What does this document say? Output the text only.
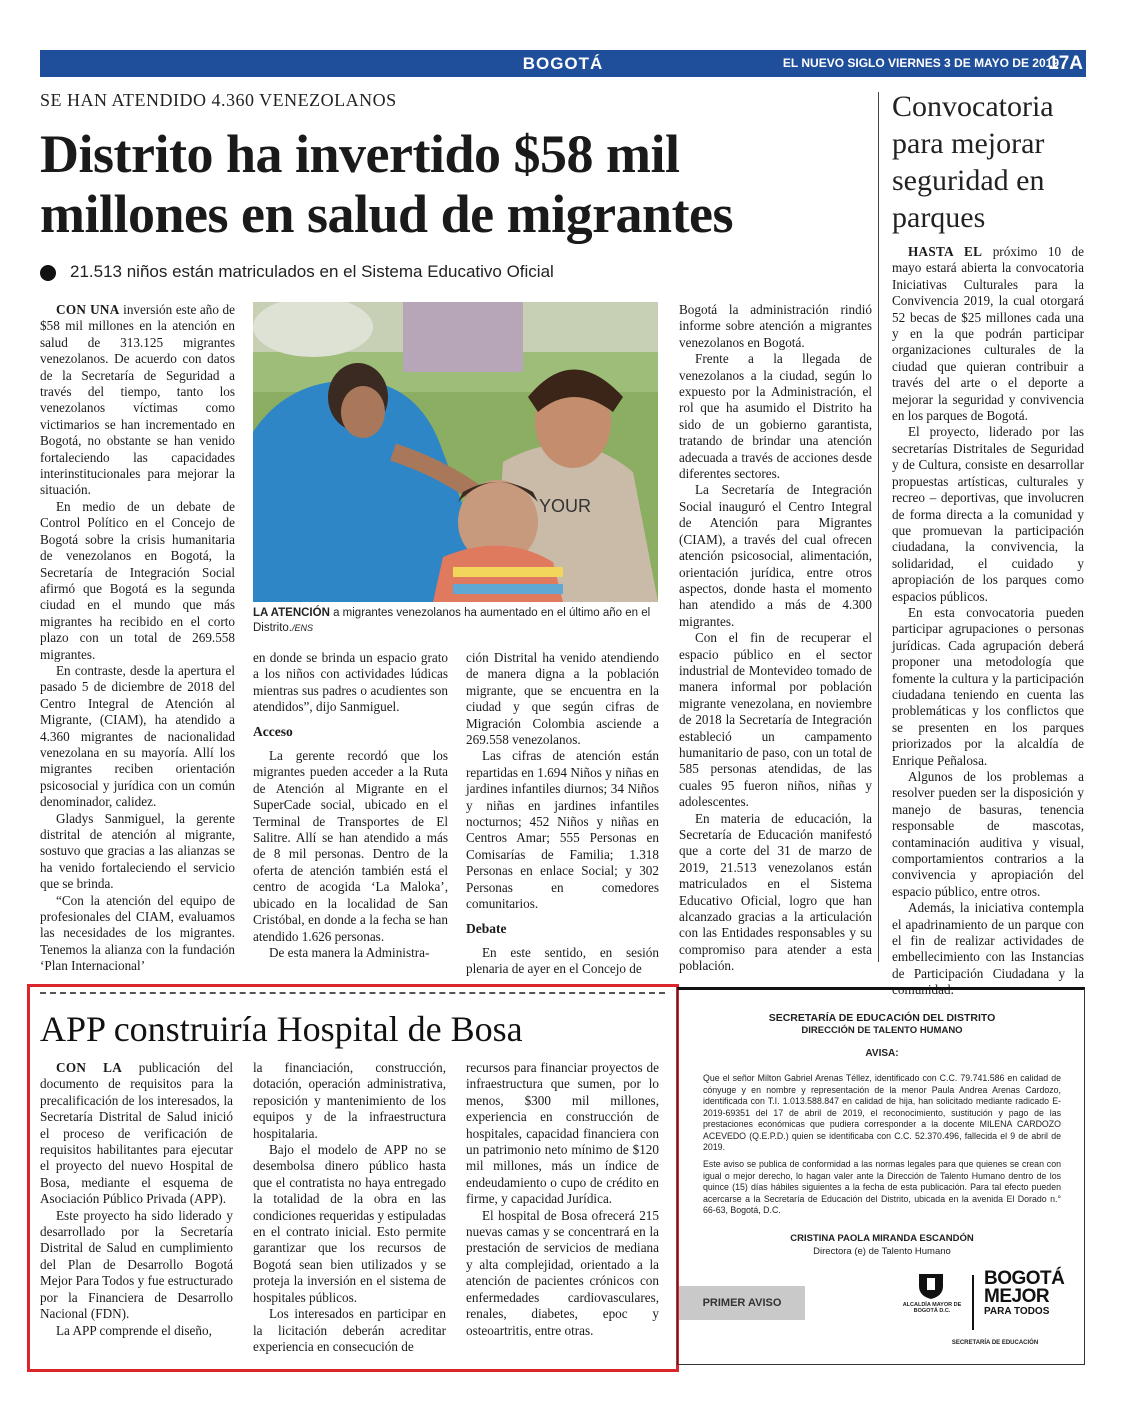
BOGOTÁ	EL NUEVO SIGLO VIERNES 3 DE MAYO DE 2019
17A
SE HAN ATENDIDO 4.360 VENEZOLANOS
Distrito ha invertido $58 mil millones en salud de migrantes
21.513 niños están matriculados en el Sistema Educativo Oficial

CON UNA inversión este año de $58 mil millones en la atención en salud de 313.125 migrantes venezolanos. De acuerdo con datos de la Secretaría de Seguridad a través del tiempo, tanto los venezolanos víctimas como victimarios se han incrementado en Bogotá, no obstante se han venido fortaleciendo las capacidades interinstitucionales para mejorar la situación.

En medio de un debate de Control Político en el Concejo de Bogotá sobre la crisis humanitaria de venezolanos en Bogotá, la Secretaría de Integración Social afirmó que Bogotá es la segunda ciudad en el mundo que más migrantes ha recibido en el corto plazo con un total de 269.558 migrantes.

En contraste, desde la apertura el pasado 5 de diciembre de 2018 del Centro Integral de Atención al Migrante, (CIAM), ha atendido a 4.360 migrantes de nacionalidad venezolana en su mayoría. Allí los migrantes reciben orientación psicosocial y jurídica con un común denominador, calidez.

Gladys Sanmiguel, la gerente distrital de atención al migrante, sostuvo que gracias a las alianzas se ha venido fortaleciendo el servicio que se brinda.

“Con la atención del equipo de profesionales del CIAM, evaluamos las necesidades de los migrantes. Tenemos la alianza con la fundación ‘Plan Internacional’

YOUR
LA ATENCIÓN a migrantes venezolanos ha aumentado en el último año en el Distrito./ENS

en donde se brinda un espacio grato a los niños con actividades lúdicas mientras sus padres o acudientes son atendidos”, dijo Sanmiguel.

Acceso

La gerente recordó que los migrantes pueden acceder a la Ruta de Atención al Migrante en el SuperCade social, ubicado en el Terminal de Transportes de El Salitre. Allí se han atendido a más de 8 mil personas. Dentro de la oferta de atención también está el centro de acogida ‘La Maloka’, ubicado en la localidad de San Cristóbal, en donde a la fecha se han atendido 1.626 personas.

De esta manera la Administra-

ción Distrital ha venido atendiendo de manera digna a la población migrante, que se encuentra en la ciudad y que según cifras de Migración Colombia asciende a 269.558 venezolanos.

Las cifras de atención están repartidas en 1.694 Niños y niñas en jardines infantiles diurnos; 34 Niños y niñas en jardines infantiles nocturnos; 452 Niños y niñas en Centros Amar; 555 Personas en Comisarías de Familia; 1.318 Personas en enlace Social; y 302 Personas en comedores comunitarios.

Debate

En este sentido, en sesión plenaria de ayer en el Concejo de

Bogotá la administración rindió informe sobre atención a migrantes venezolanos en Bogotá.

Frente a la llegada de venezolanos a la ciudad, según lo expuesto por la Administración, el rol que ha asumido el Distrito ha sido de un gobierno garantista, tratando de brindar una atención adecuada a través de acciones desde diferentes sectores.

La Secretaría de Integración Social inauguró el Centro Integral de Atención para Migrantes (CIAM), a través del cual ofrecen atención psicosocial, alimentación, orientación jurídica, entre otros aspectos, donde hasta el momento han atendido a más de 4.300 migrantes.

Con el fin de recuperar el espacio público en el sector industrial de Montevideo tomado de manera informal por población migrante venezolana, en noviembre de 2018 la Secretaría de Integración estableció un campamento humanitario de paso, con un total de 585 personas atendidas, de las cuales 95 fueron niños, niñas y adolescentes.

En materia de educación, la Secretaría de Educación manifestó que a corte del 31 de marzo de 2019, 21.513 venezolanos están matriculados en el Sistema Educativo Oficial, logro que han alcanzado gracias a la articulación con las Entidades responsables y su compromiso para atender a esta población.

Convocatoria para mejorar seguridad en parques

HASTA EL próximo 10 de mayo estará abierta la convocatoria Iniciativas Culturales para la Convivencia 2019, la cual otorgará 52 becas de $25 millones cada una y en la que podrán participar organizaciones culturales de la ciudad que quieran contribuir a través del arte o el deporte a mejorar la seguridad y convivencia en los parques de Bogotá.

El proyecto, liderado por las secretarías Distritales de Seguridad y de Cultura, consiste en desarrollar propuestas artísticas, culturales y recreo – deportivas, que involucren de forma directa a la comunidad y que promuevan la participación ciudadana, la convivencia, la solidaridad, el cuidado y apropiación de los parques como espacios públicos.

En esta convocatoria pueden participar agrupaciones o personas jurídicas. Cada agrupación deberá proponer una metodología que fomente la cultura y la participación ciudadana teniendo en cuenta las problemáticas y los conflictos que se presenten en los parques priorizados por la alcaldía de Enrique Peñalosa.

Algunos de los problemas a resolver pueden ser la disposición y manejo de basuras, tenencia responsable de mascotas, contaminación auditiva y visual, comportamientos contrarios a la convivencia y apropiación del espacio público, entre otros.

Además, la iniciativa contempla el apadrinamiento de un parque con el fin de realizar actividades de embellecimiento con las Instancias de Participación Ciudadana y la comunidad.

APP construiría Hospital de Bosa

CON LA publicación del documento de requisitos para la precalificación de los interesados, la Secretaría Distrital de Salud inició el proceso de verificación de requisitos habilitantes para ejecutar el proyecto del nuevo Hospital de Bosa, mediante el esquema de Asociación Público Privada (APP).

Este proyecto ha sido liderado y desarrollado por la Secretaría Distrital de Salud en cumplimiento del Plan de Desarrollo Bogotá Mejor Para Todos y fue estructurado por la Financiera de Desarrollo Nacional (FDN).

La APP comprende el diseño,

la financiación, construcción, dotación, operación administrativa, reposición y mantenimiento de los equipos y de la infraestructura hospitalaria.

Bajo el modelo de APP no se desembolsa dinero público hasta que el contratista no haya entregado la totalidad de la obra en las condiciones requeridas y estipuladas en el contrato inicial. Esto permite garantizar que los recursos de Bogotá sean bien utilizados y se proteja la inversión en el sistema de hospitales públicos.

Los interesados en participar en la licitación deberán acreditar experiencia en consecución de

recursos para financiar proyectos de infraestructura que sumen, por lo menos, $300 mil millones, experiencia en construcción de hospitales, capacidad financiera con un patrimonio neto mínimo de $120 mil millones, más un índice de endeudamiento o cupo de crédito en firme, y capacidad Jurídica.

El hospital de Bosa ofrecerá 215 nuevas camas y se concentrará en la prestación de servicios de mediana y alta complejidad, orientado a la atención de pacientes crónicos con enfermedades cardiovasculares, renales, diabetes, epoc y osteoartritis, entre otras.

SECRETARÍA DE EDUCACIÓN DEL DISTRITO
DIRECCIÓN DE TALENTO HUMANO
AVISA:
Que el señor Milton Gabriel Arenas Téllez, identificado con C.C. 79.741.586 en calidad de cónyuge y en nombre y representación de la menor Paula Andrea Arenas Cardozo, identificada con T.I. 1.013.588.847 en calidad de hija, han solicitado mediante radicado E-2019-69351 del 17 de abril de 2019, el reconocimiento, sustitución y pago de las prestaciones económicas que pudiera corresponder a la docente MILENA CARDOZO ACEVEDO (Q.E.P.D.) quien se identificaba con C.C. 52.370.496, fallecida el 9 de abril de 2019.
Este aviso se publica de conformidad a las normas legales para que quienes se crean con igual o mejor derecho, lo hagan valer ante la Dirección de Talento Humano dentro de los quince (15) días hábiles siguientes a la fecha de esta publicación. Para tal efecto pueden acercarse a la Secretaría de Educación del Distrito, ubicada en la avenida El Dorado n.° 66-63, Bogotá, D.C.
CRISTINA PAOLA MIRANDA ESCANDÓN
Directora (e) de Talento Humano
PRIMER AVISO	ALCALDÍA MAYOR DE BOGOTÁ D.C.
BOGOTÁ
MEJOR
PARA TODOS
SECRETARÍA DE EDUCACIÓN
